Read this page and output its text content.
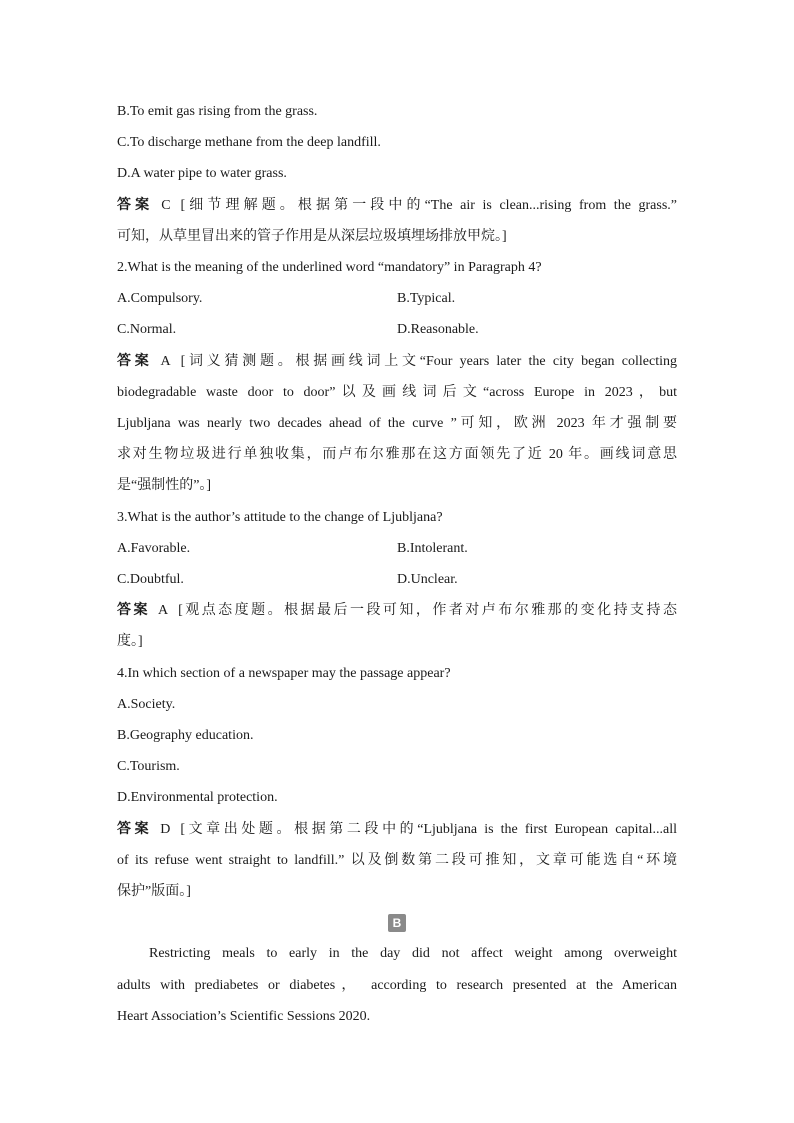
B.To emit gas rising from the grass.

C.To discharge methane from the deep landfill.

D.A water pipe to water grass.

答案 C [细节理解题。根据第一段中的“The air is clean...rising from the grass.”

可知，从草里冒出来的管子作用是从深层垃圾填埋场排放甲烷。]

2.What is the meaning of the underlined word “mandatory” in Paragraph 4?

A.Compulsory.	B.Typical.
C.Normal.	D.Reasonable.

答案 A [词义猜测题。根据画线词上文“Four years later the city began collecting

biodegradable waste door to door”以及画线词后文“across Europe in 2023，but

Ljubljana was nearly two decades ahead of the curve ”可知，欧洲 2023 年才强制要

求对生物垃圾进行单独收集，而卢布尔雅那在这方面领先了近 20 年。画线词意思

是“强制性的”。]

3.What is the author’s attitude to the change of Ljubljana?

A.Favorable.	B.Intolerant.
C.Doubtful.	D.Unclear.

答案 A [观点态度题。根据最后一段可知，作者对卢布尔雅那的变化持支持态

度。]

4.In which section of a newspaper may the passage appear?

A.Society.

B.Geography education.

C.Tourism.

D.Environmental protection.

答案 D [文章出处题。根据第二段中的“Ljubljana is the first European capital...all

of its refuse went straight to landfill.” 以及倒数第二段可推知，文章可能选自“环境

保护”版面。]

B

Restricting meals to early in the day did not affect weight among overweight

adults with prediabetes or diabetes， according to research presented at the American

Heart Association’s Scientific Sessions 2020.
